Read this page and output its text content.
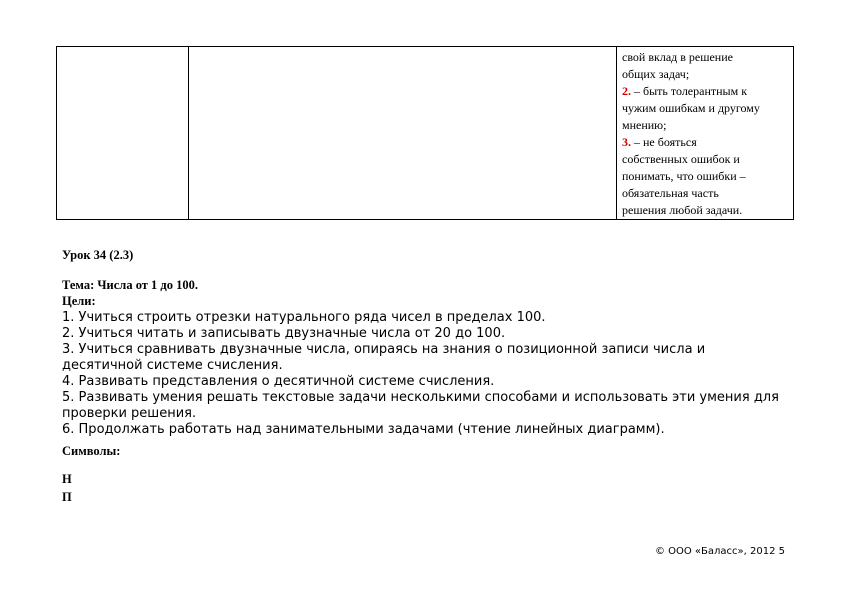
свой вклад в решение
общих задач;
2. – быть толерантным к
чужим ошибкам и другому
мнению;
3. – не бояться
собственных ошибок и
понимать, что ошибки –
обязательная часть
решения любой задачи.
Урок 34 (2.3)
Тема: Числа от 1 до 100.
Цели:
1. Учиться строить отрезки натурального ряда чисел в пределах 100.
2. Учиться читать и записывать двузначные числа от 20 до 100.
3. Учиться сравнивать двузначные числа, опираясь на знания о позиционной записи числа и десятичной системе счисления.
4. Развивать представления о десятичной системе счисления.
5. Развивать умения решать текстовые задачи несколькими способами и использовать эти умения для проверки решения.
6. Продолжать работать над занимательными задачами (чтение линейных диаграмм).
Символы:
Н
П
© ООО «Баласс», 2012 5
